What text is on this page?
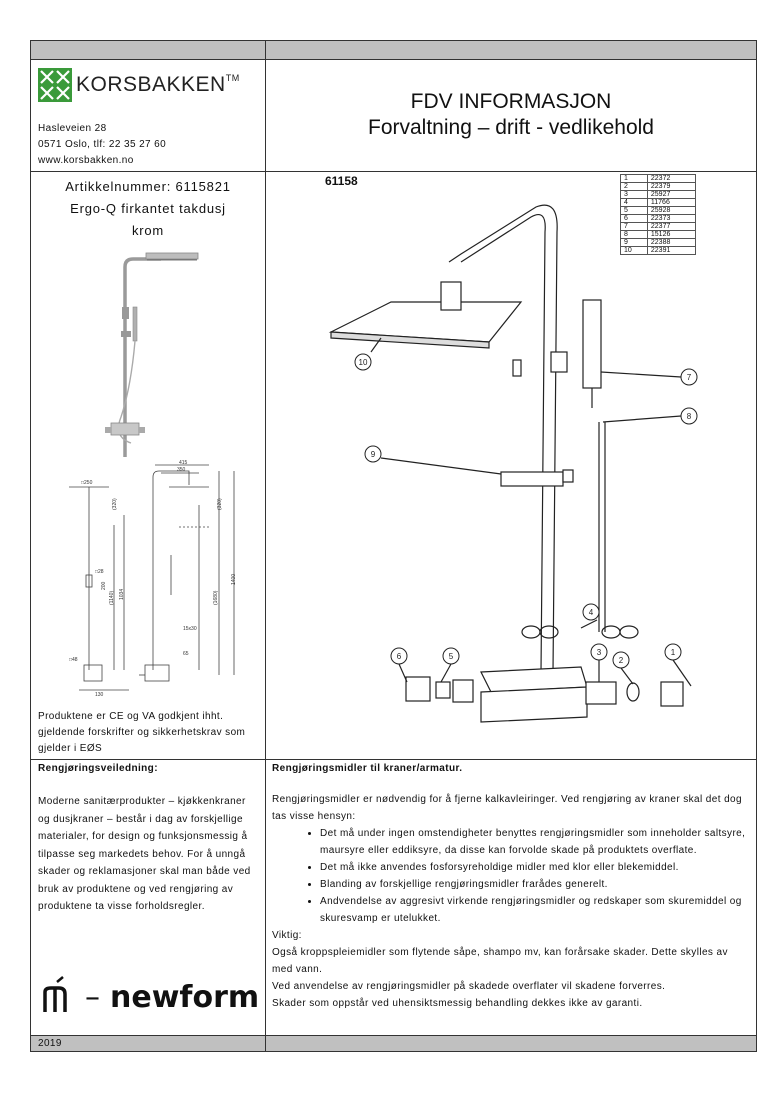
KORSBAKKEN™
Hasleveien 28
0571 Oslo, tlf: 22 35 27 60
www.korsbakken.no
FDV INFORMASJON
Forvaltning – drift - vedlikehold
Artikkelnummer: 6115821
Ergo-Q firkantet takdusj
krom
415
350
□250
(320)	(320)
□28
200
(1140) 1034	(1680)
1400
15x30
□48
65
130
Produktene er CE og VA godkjent ihht. gjeldende forskrifter og sikkerhetskrav som gjelder i EØS
61158	1	22372
2	22379
3	25927
4	11766
5	25928
6	22373
7	22377
8	15126
9	22388
10	22391
10
9
7
8
1
2
3
4
5
6
Rengjøringsveiledning:
Moderne sanitærprodukter – kjøkkenkraner og dusjkraner – består i dag av forskjellige materialer, for design og funksjonsmessig å tilpasse seg markedets behov. For å unngå skader og reklamasjoner skal man både ved bruk av produktene og ved rengjøring av produktene ta visse forholdsregler.
– newform
Rengjøringsmidler til kraner/armatur.
Rengjøringsmidler er nødvendig for å fjerne kalkavleiringer. Ved rengjøring av kraner skal det dog tas visse hensyn:
• Det må under ingen omstendigheter benyttes rengjøringsmidler som inneholder saltsyre, maursyre eller eddiksyre, da disse kan forvolde skade på produktets overflate.
• Det må ikke anvendes fosforsyreholdige midler med klor eller blekemiddel.
• Blanding av forskjellige rengjøringsmidler frarådes generelt.
• Andvendelse av aggresivt virkende rengjøringsmidler og redskaper som skuremiddel og skuresvamp er utelukket.
Viktig:
Også kroppspleiemidler som flytende såpe, shampo mv, kan forårsake skader. Dette skylles av med vann.
Ved anvendelse av rengjøringsmidler på skadede overflater vil skadene forverres.
Skader som oppstår ved uhensiktsmessig behandling dekkes ikke av garanti.
2019
